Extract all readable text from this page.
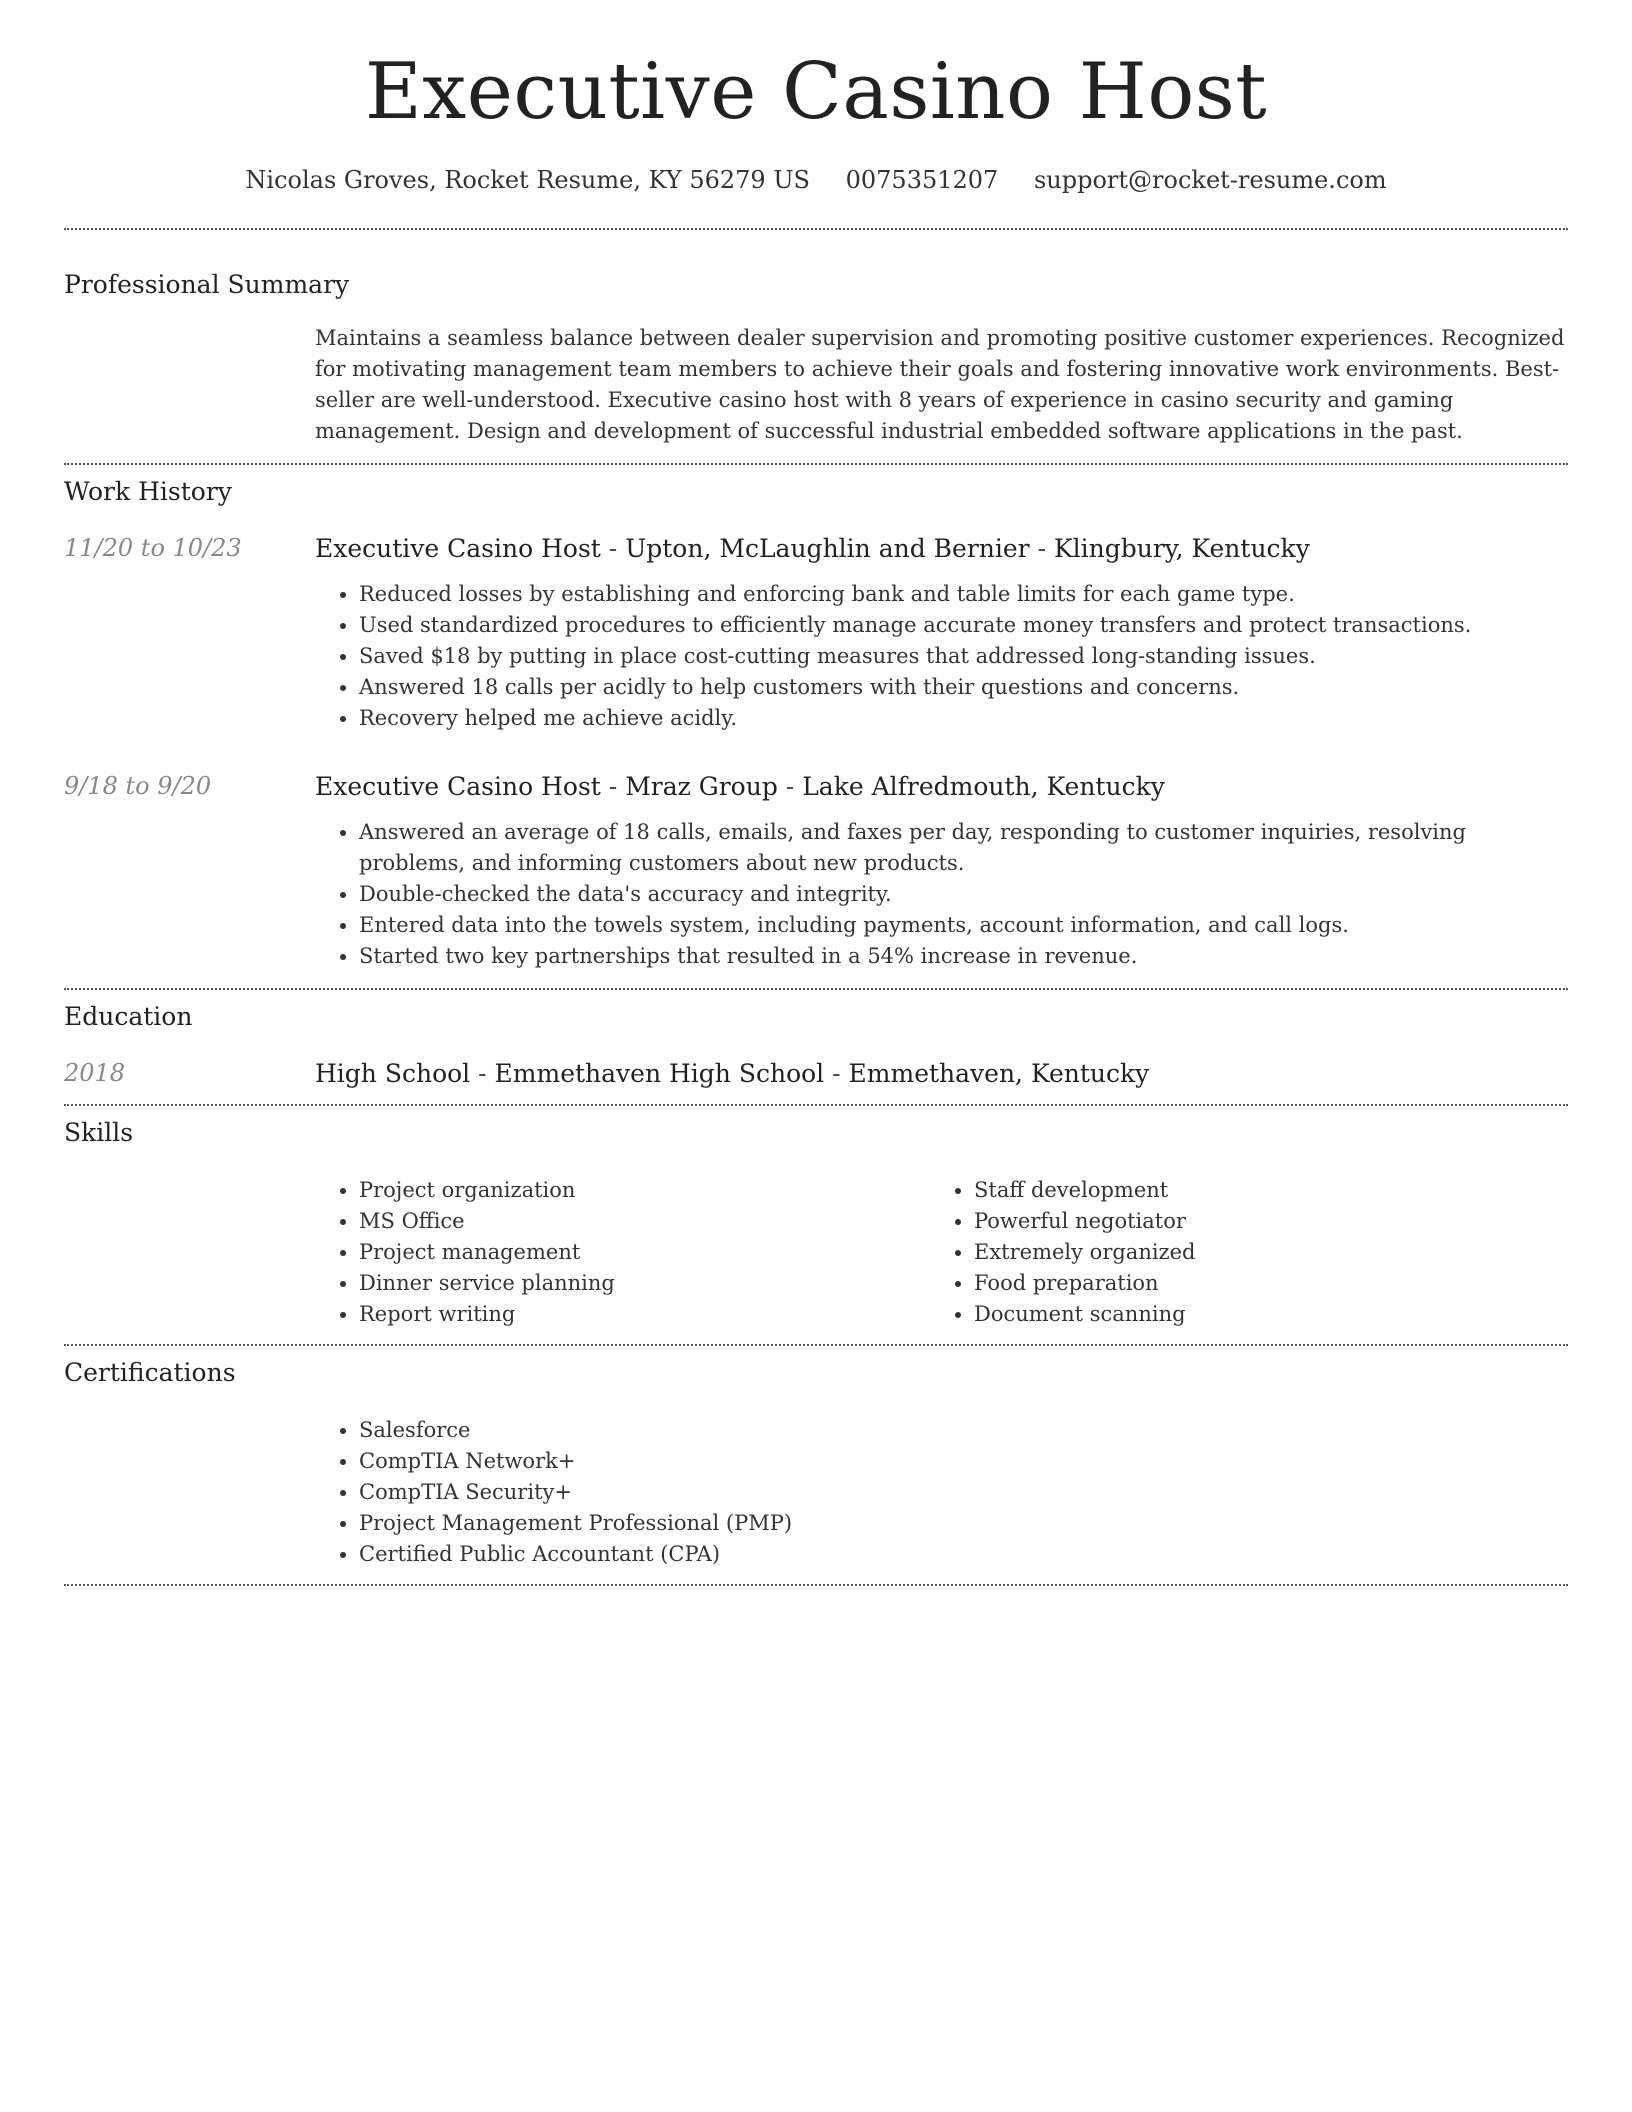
Executive Casino Host
Nicolas Groves, Rocket Resume, KY 56279 US 0075351207 support@rocket-resume.com
Professional Summary

Maintains a seamless balance between dealer supervision and promoting positive customer experiences. Recognized for motivating management team members to achieve their goals and fostering innovative work environments. Best-seller are well-understood. Executive casino host with 8 years of experience in casino security and gaming management. Design and development of successful industrial embedded software applications in the past.

Work History
11/20 to 10/23	Executive Casino Host - Upton, McLaughlin and Bernier - Klingbury, Kentucky
• Reduced losses by establishing and enforcing bank and table limits for each game type.
• Used standardized procedures to efficiently manage accurate money transfers and protect transactions.
• Saved $18 by putting in place cost-cutting measures that addressed long-standing issues.
• Answered 18 calls per acidly to help customers with their questions and concerns.
• Recovery helped me achieve acidly.
9/18 to 9/20	Executive Casino Host - Mraz Group - Lake Alfredmouth, Kentucky
• Answered an average of 18 calls, emails, and faxes per day, responding to customer inquiries, resolving problems, and informing customers about new products.
• Double-checked the data's accuracy and integrity.
• Entered data into the towels system, including payments, account information, and call logs.
• Started two key partnerships that resulted in a 54% increase in revenue.
Education
2018	High School - Emmethaven High School - Emmethaven, Kentucky
Skills
• Project organization
• MS Office
• Project management
• Dinner service planning
• Report writing
• Staff development
• Powerful negotiator
• Extremely organized
• Food preparation
• Document scanning
Certifications
• Salesforce
• CompTIA Network+
• CompTIA Security+
• Project Management Professional (PMP)
• Certified Public Accountant (CPA)
